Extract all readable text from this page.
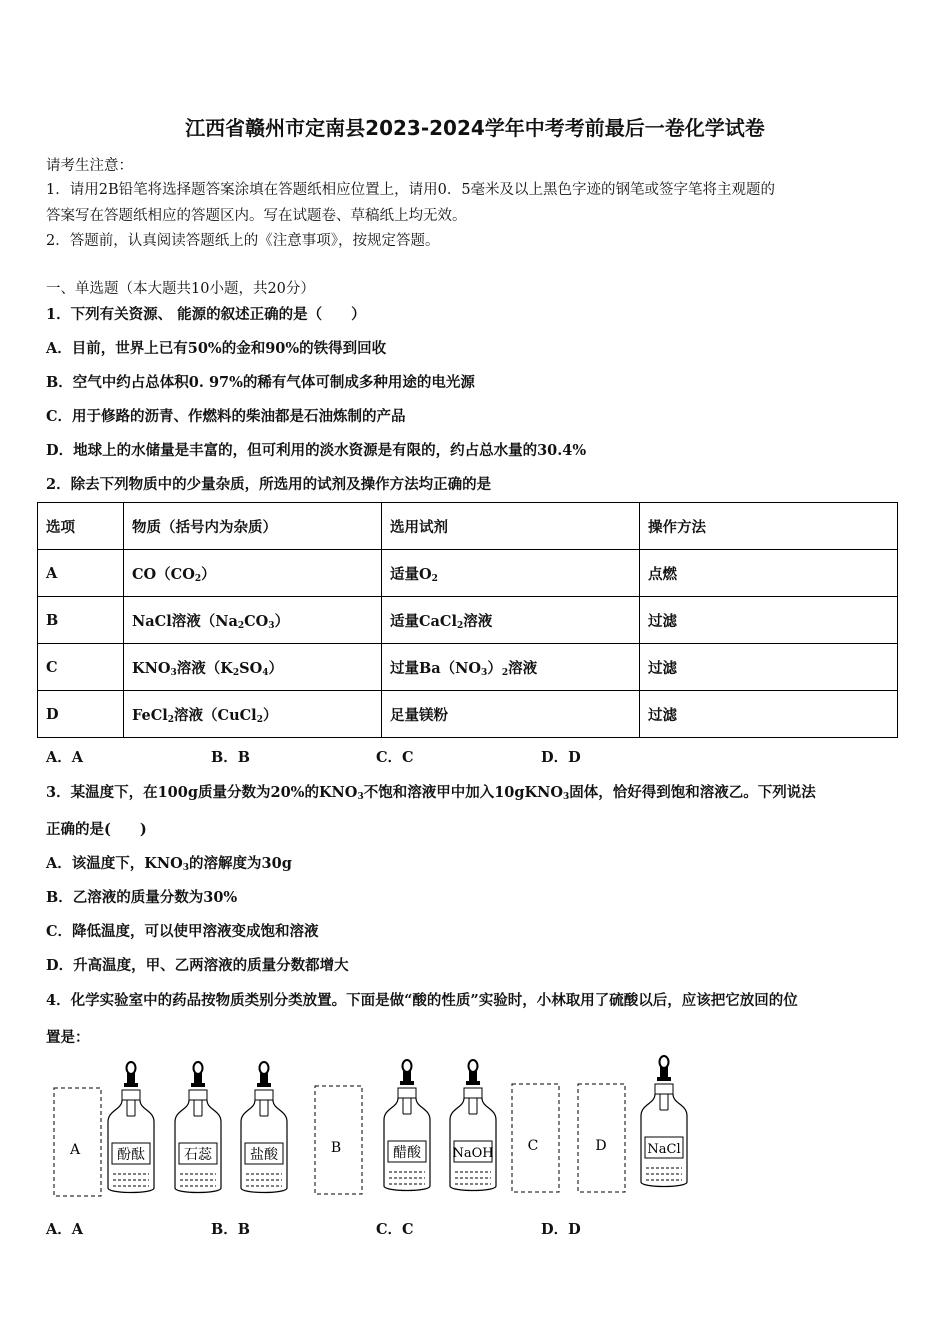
江西省赣州市定南县2023-2024学年中考考前最后一卷化学试卷
请考生注意：
1．请用2B铅笔将选择题答案涂填在答题纸相应位置上，请用0．5毫米及以上黑色字迹的钢笔或签字笔将主观题的
答案写在答题纸相应的答题区内。写在试题卷、草稿纸上均无效。
2．答题前，认真阅读答题纸上的《注意事项》，按规定答题。
一、单选题（本大题共10小题，共20分）
1．下列有关资源、 能源的叙述正确的是（　　）
A．目前，世界上已有50%的金和90%的铁得到回收
B．空气中约占总体积0. 97%的稀有气体可制成多种用途的电光源
C．用于修路的沥青、作燃料的柴油都是石油炼制的产品
D．地球上的水储量是丰富的，但可利用的淡水资源是有限的，约占总水量的30.4%
2．除去下列物质中的少量杂质，所选用的试剂及操作方法均正确的是
选项	物质（括号内为杂质）	选用试剂	操作方法
A	$CO(CO_2)$	适量$O_2$	点燃
B	NaCl溶液$(Na_2CO_3)$	适量CaCl$_2$溶液	过滤
C	$KNO_3$溶液$(K_2SO_4)$	过量$Ba(NO_3)_2$溶液	过滤
D	FeCl$_2$溶液（CuCl$_2$）	足量镁粉	过滤
A．A	B．B	C．C	D．D
3．某温度下，在100g质量分数为20%的$KNO_3$不饱和溶液甲中加入10gKNO$_3$固体，恰好得到饱和溶液乙。下列说法
正确的是(　　)
A．该温度下，$KNO_3$的溶解度为30g
B．乙溶液的质量分数为30%
C．降低温度，可以使甲溶液变成饱和溶液
D．升高温度，甲、乙两溶液的质量分数都增大
4．化学实验室中的药品按物质类别分类放置。下面是做“酸的性质”实验时，小林取用了硫酸以后，应该把它放回的位
置是：
A	酚酞	石蕊	盐酸	B	醋酸 NaOH C	D	NaCl
A．A	B．B	C．C	D．D
